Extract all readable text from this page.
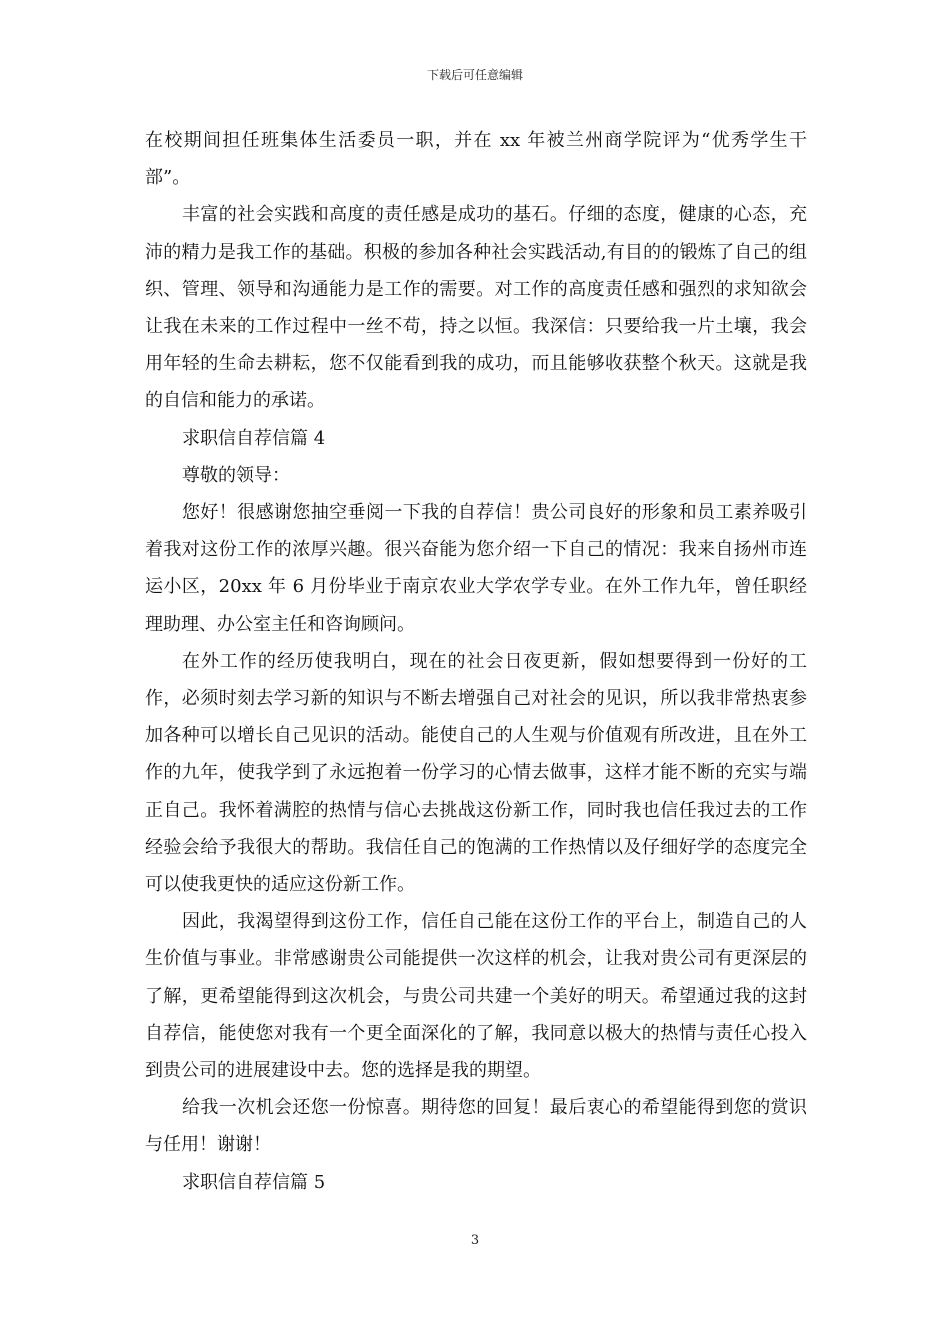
下载后可任意编辑

在校期间担任班集体生活委员一职，并在 xx 年被兰州商学院评为“优秀学生干部”。

丰富的社会实践和高度的责任感是成功的基石。仔细的态度，健康的心态，充沛的精力是我工作的基础。积极的参加各种社会实践活动,有目的的锻炼了自己的组织、管理、领导和沟通能力是工作的需要。对工作的高度责任感和强烈的求知欲会让我在未来的工作过程中一丝不苟，持之以恒。我深信：只要给我一片土壤，我会用年轻的生命去耕耘，您不仅能看到我的成功，而且能够收获整个秋天。这就是我的自信和能力的承诺。

求职信自荐信篇 4

尊敬的领导：

您好！很感谢您抽空垂阅一下我的自荐信！贵公司良好的形象和员工素养吸引着我对这份工作的浓厚兴趣。很兴奋能为您介绍一下自己的情况：我来自扬州市连运小区，20xx 年 6 月份毕业于南京农业大学农学专业。在外工作九年，曾任职经理助理、办公室主任和咨询顾问。

在外工作的经历使我明白，现在的社会日夜更新，假如想要得到一份好的工作，必须时刻去学习新的知识与不断去增强自己对社会的见识，所以我非常热衷参加各种可以增长自己见识的活动。能使自己的人生观与价值观有所改进，且在外工作的九年，使我学到了永远抱着一份学习的心情去做事，这样才能不断的充实与端正自己。我怀着满腔的热情与信心去挑战这份新工作，同时我也信任我过去的工作经验会给予我很大的帮助。我信任自己的饱满的工作热情以及仔细好学的态度完全可以使我更快的适应这份新工作。

因此，我渴望得到这份工作，信任自己能在这份工作的平台上，制造自己的人生价值与事业。非常感谢贵公司能提供一次这样的机会，让我对贵公司有更深层的了解，更希望能得到这次机会，与贵公司共建一个美好的明天。希望通过我的这封自荐信，能使您对我有一个更全面深化的了解，我同意以极大的热情与责任心投入到贵公司的进展建设中去。您的选择是我的期望。

给我一次机会还您一份惊喜。期待您的回复！最后衷心的希望能得到您的赏识与任用！谢谢！

求职信自荐信篇 5

3
